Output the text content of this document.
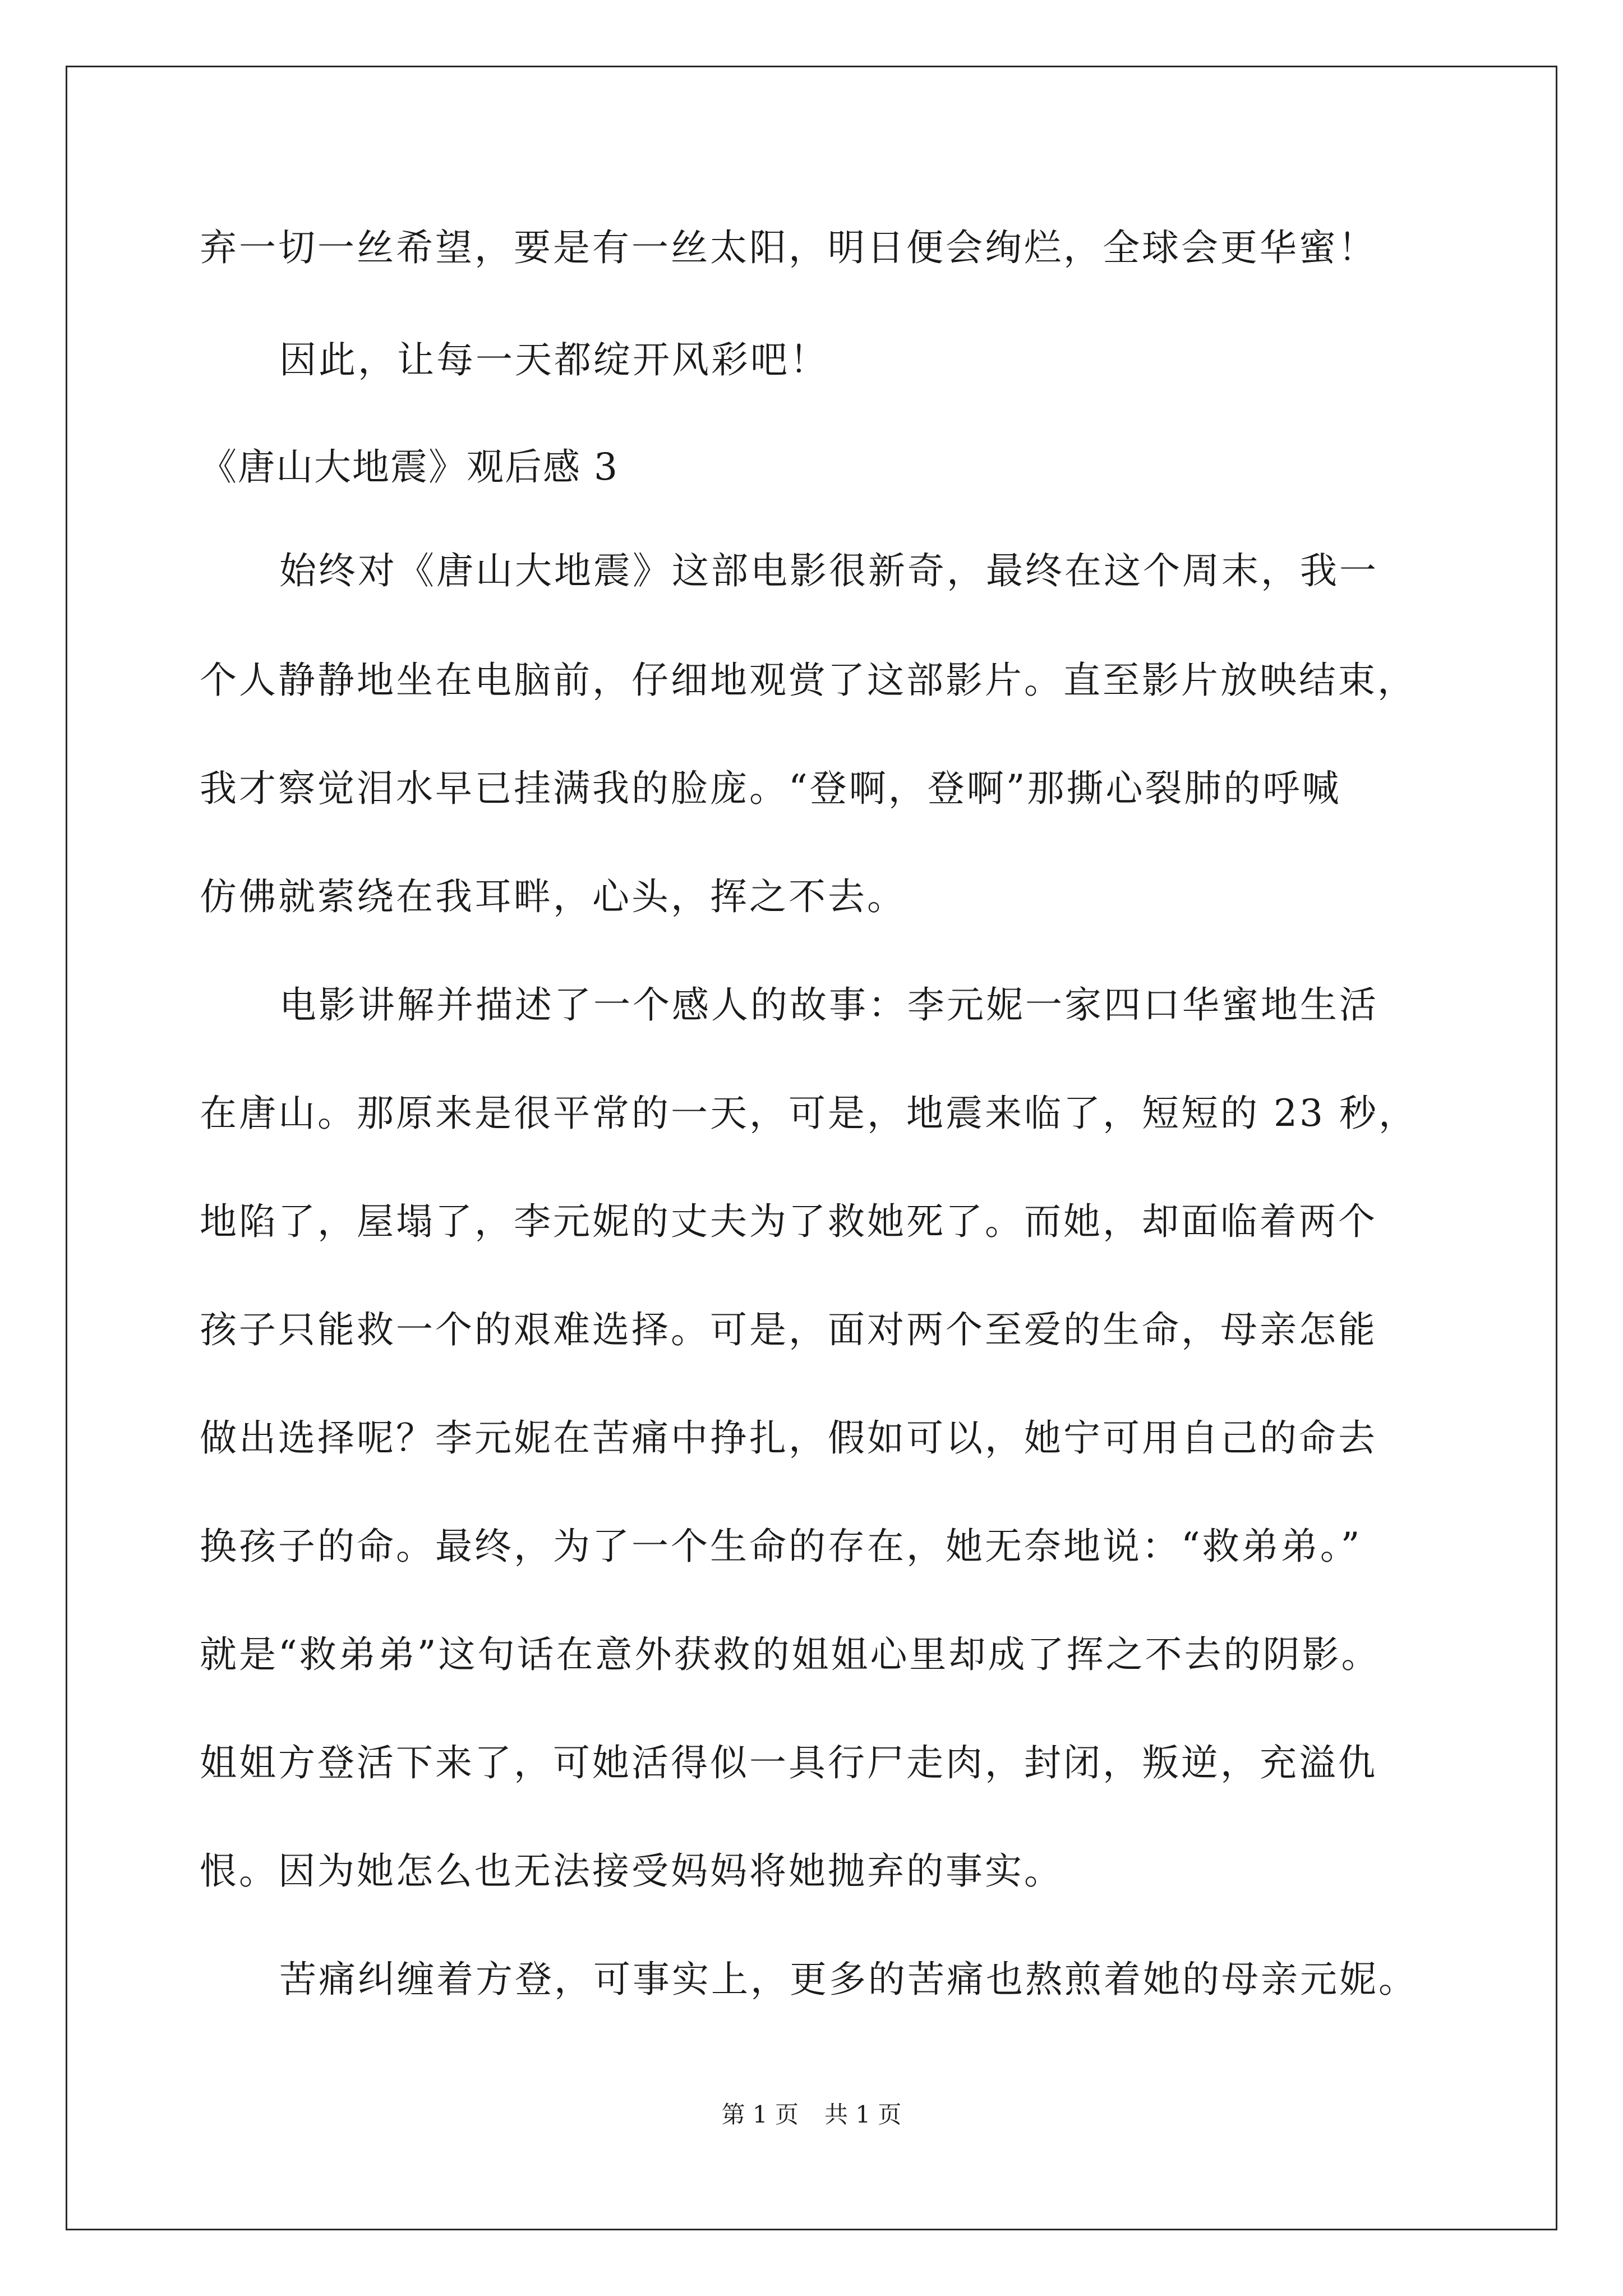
弃一切一丝希望，要是有一丝太阳，明日便会绚烂，全球会更华蜜！
因此，让每一天都绽开风彩吧！
《唐山大地震》观后感 3
始终对《唐山大地震》这部电影很新奇，最终在这个周末，我一
个人静静地坐在电脑前，仔细地观赏了这部影片。直至影片放映结束，
我才察觉泪水早已挂满我的脸庞。“登啊，登啊”那撕心裂肺的呼喊
仿佛就萦绕在我耳畔，心头，挥之不去。
电影讲解并描述了一个感人的故事：李元妮一家四口华蜜地生活
在唐山。那原来是很平常的一天，可是，地震来临了，短短的 23 秒，
地陷了，屋塌了，李元妮的丈夫为了救她死了。而她，却面临着两个
孩子只能救一个的艰难选择。可是，面对两个至爱的生命，母亲怎能
做出选择呢？李元妮在苦痛中挣扎，假如可以，她宁可用自己的命去
换孩子的命。最终，为了一个生命的存在，她无奈地说：“救弟弟。”
就是“救弟弟”这句话在意外获救的姐姐心里却成了挥之不去的阴影。
姐姐方登活下来了，可她活得似一具行尸走肉，封闭，叛逆，充溢仇
恨。因为她怎么也无法接受妈妈将她抛弃的事实。
苦痛纠缠着方登，可事实上，更多的苦痛也熬煎着她的母亲元妮。
第 1 页 共 1 页
